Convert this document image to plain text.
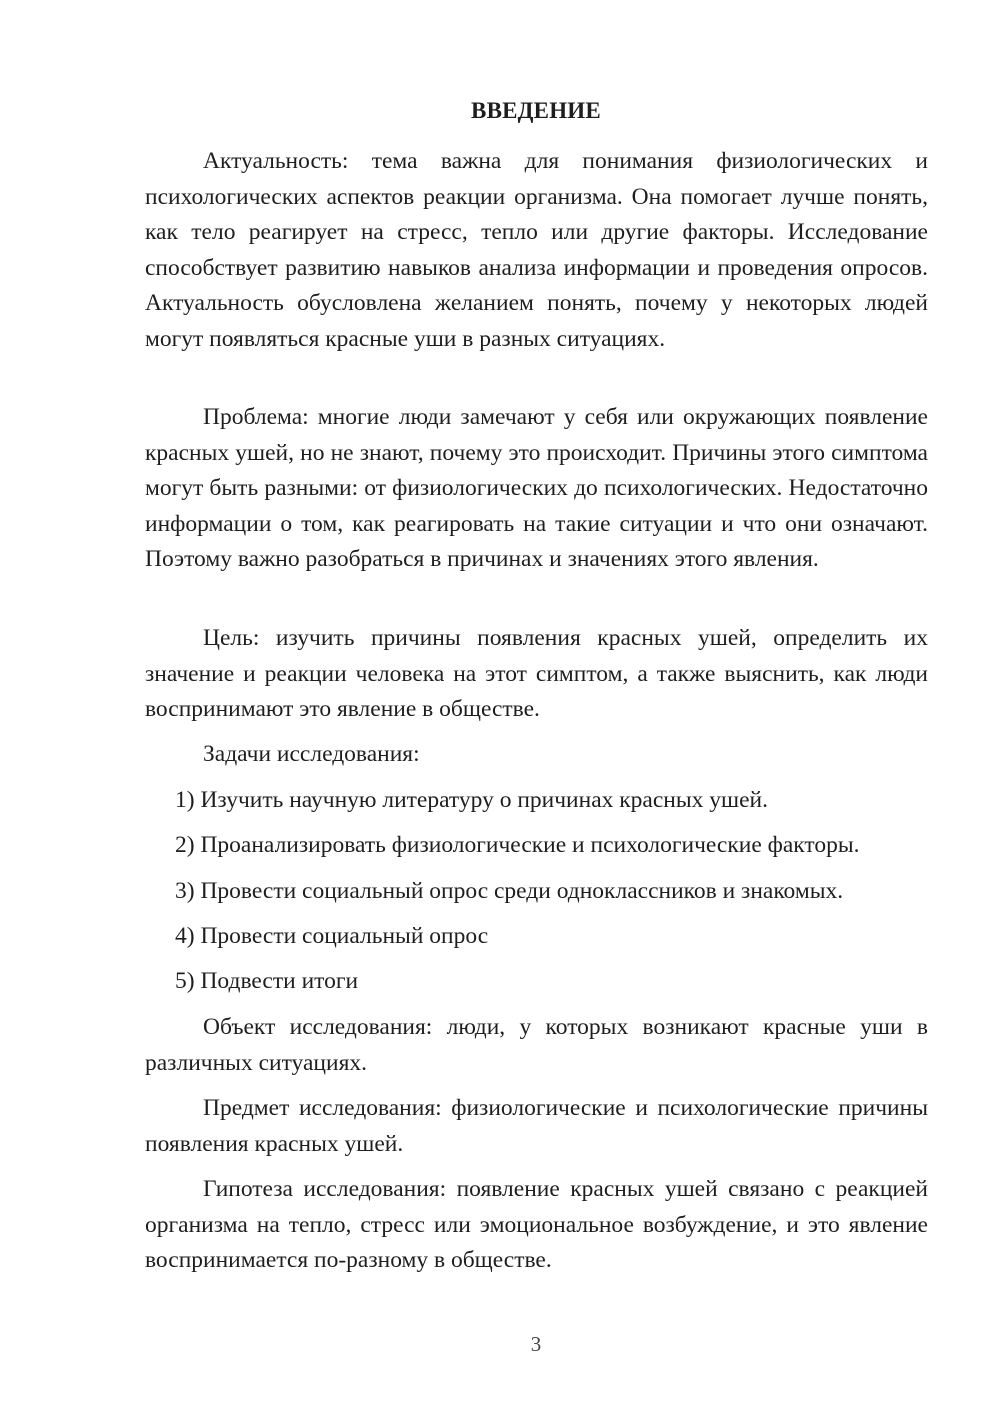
ВВЕДЕНИЕ

Актуальность: тема важна для понимания физиологических и психологических аспектов реакции организма. Она помогает лучше понять, как тело реагирует на стресс, тепло или другие факторы. Исследование способствует развитию навыков анализа информации и проведения опросов. Актуальность обусловлена желанием понять, почему у некоторых людей могут появляться красные уши в разных ситуациях.

Проблема: многие люди замечают у себя или окружающих появление красных ушей, но не знают, почему это происходит. Причины этого симптома могут быть разными: от физиологических до психологических. Недостаточно информации о том, как реагировать на такие ситуации и что они означают. Поэтому важно разобраться в причинах и значениях этого явления.

Цель: изучить причины появления красных ушей, определить их значение и реакции человека на этот симптом, а также выяснить, как люди воспринимают это явление в обществе.

Задачи исследования:

1) Изучить научную литературу о причинах красных ушей.

2) Проанализировать физиологические и психологические факторы.

3) Провести социальный опрос среди одноклассников и знакомых.

4) Провести социальный опрос

5) Подвести итоги

Объект исследования: люди, у которых возникают красные уши в различных ситуациях.

Предмет исследования: физиологические и психологические причины появления красных ушей.

Гипотеза исследования: появление красных ушей связано с реакцией организма на тепло, стресс или эмоциональное возбуждение, и это явление воспринимается по-разному в обществе.

3
